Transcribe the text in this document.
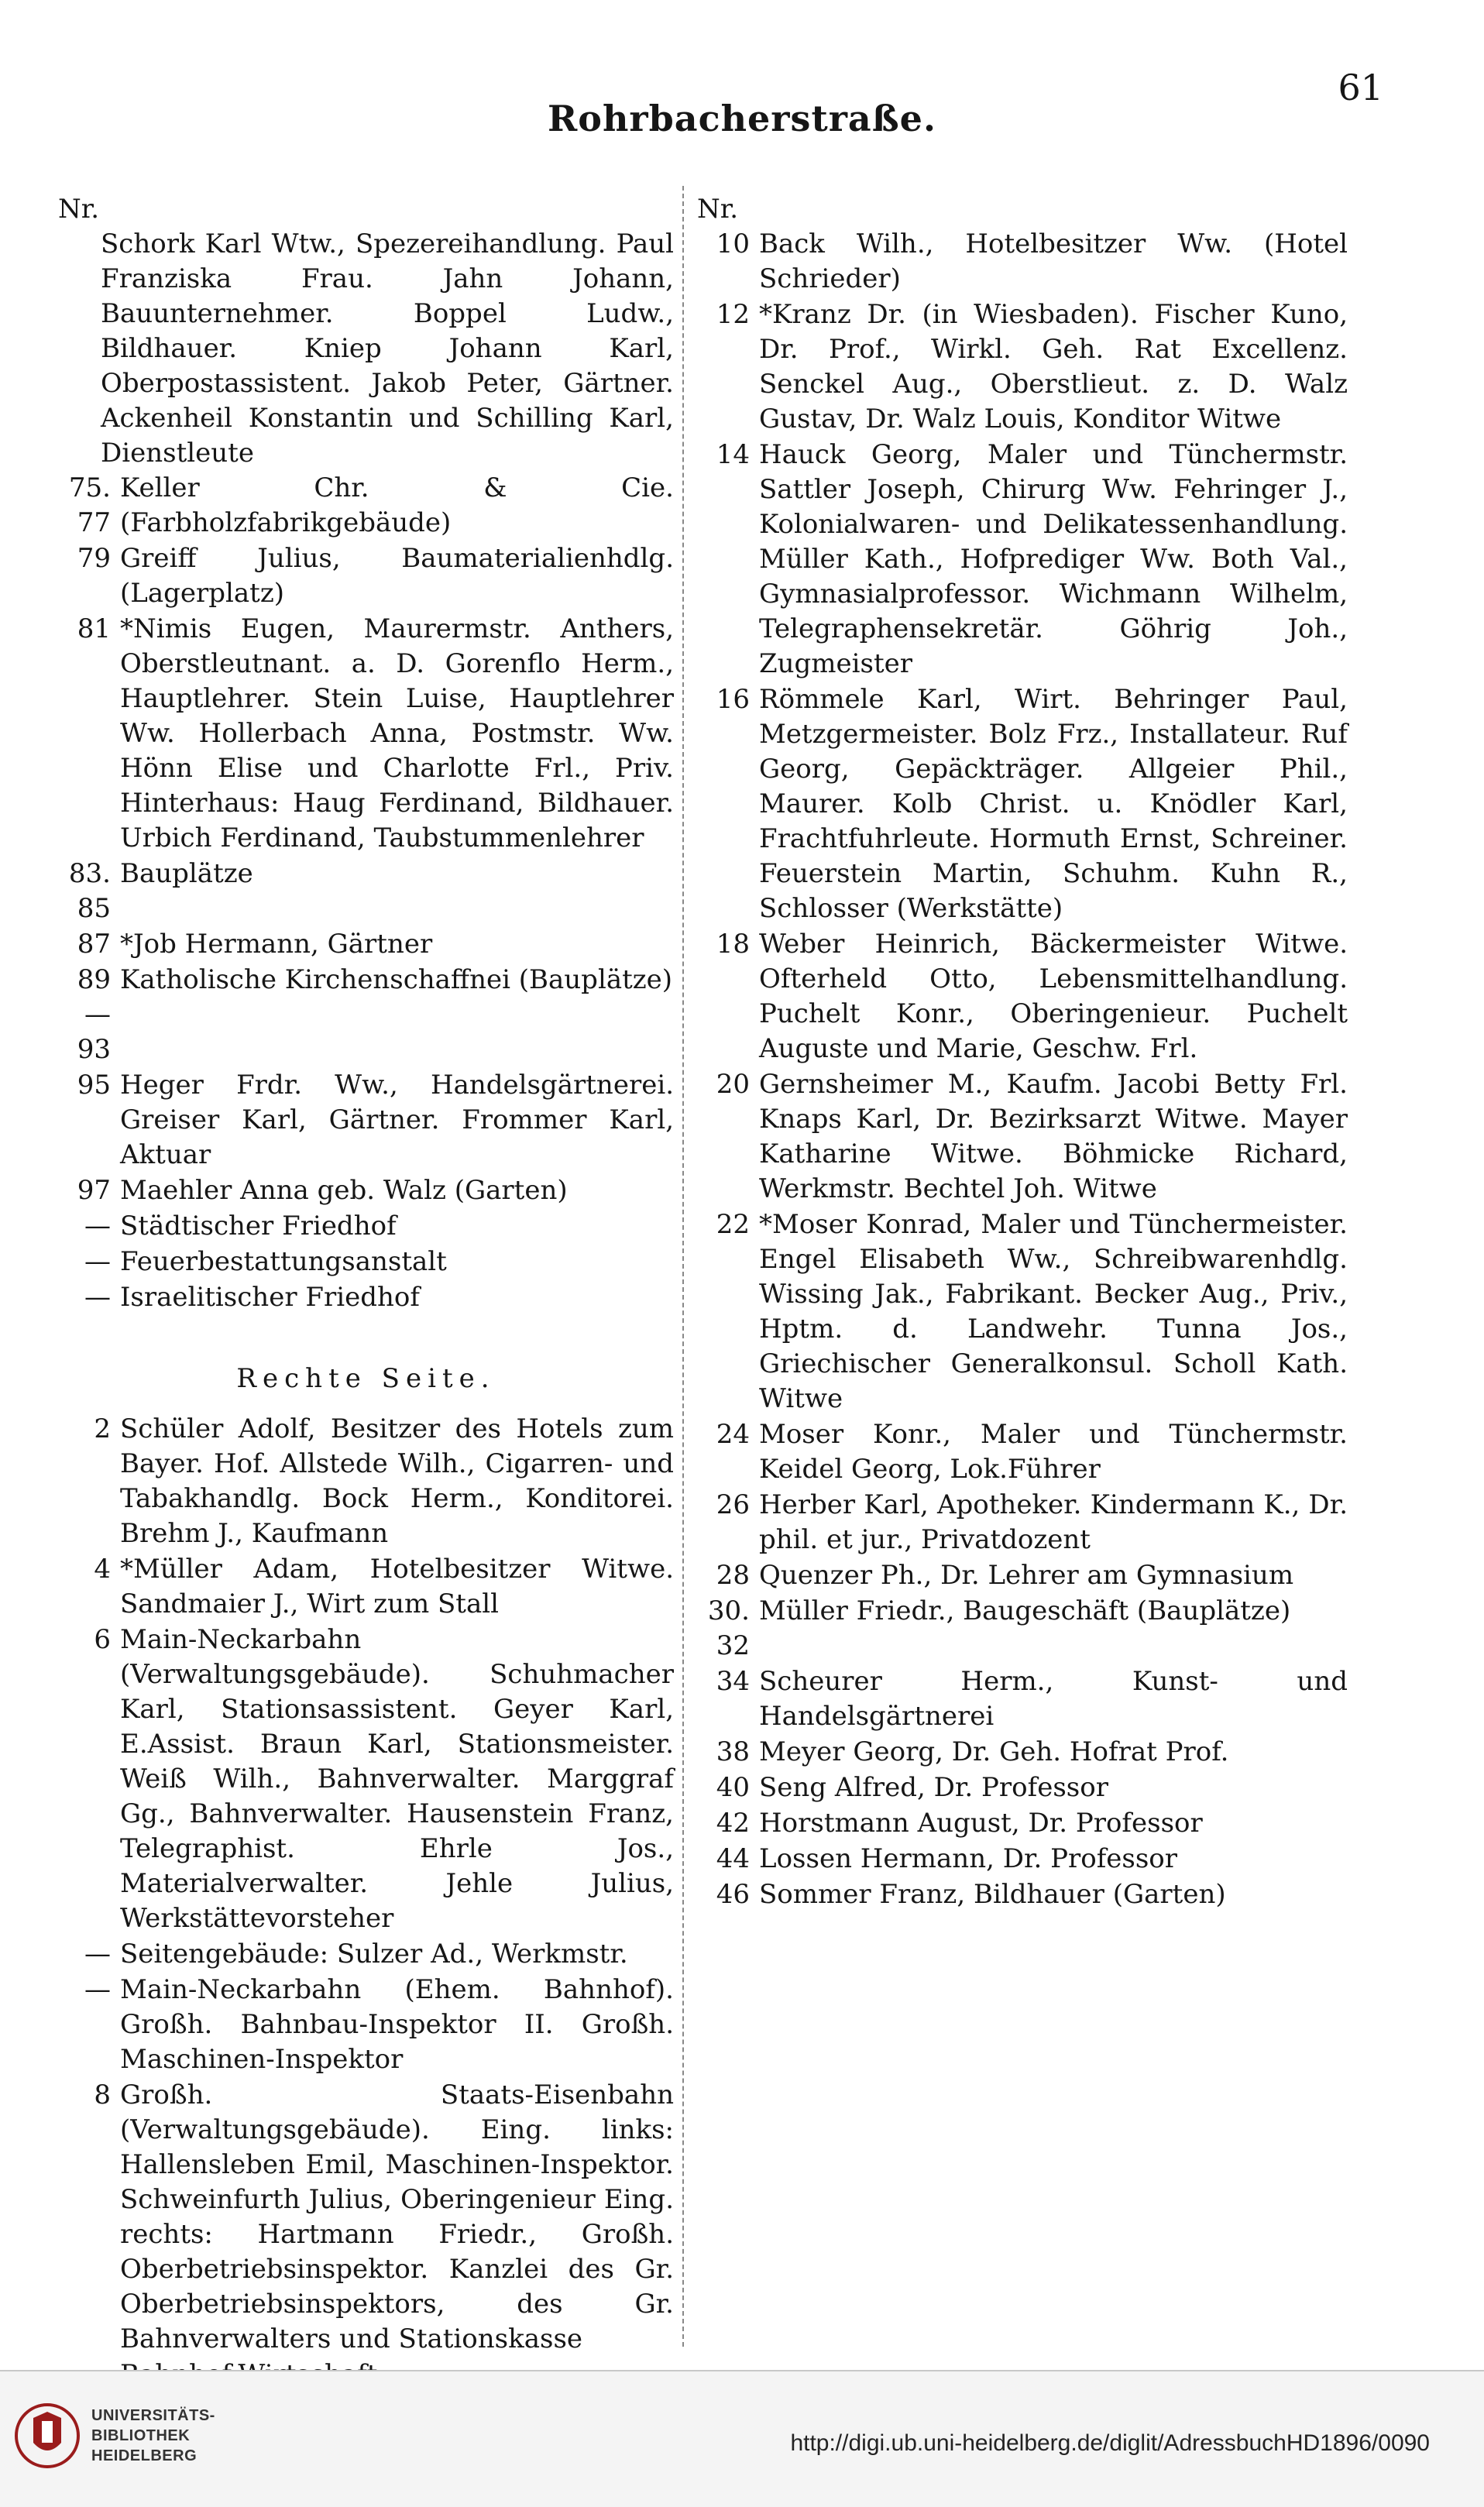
61
Rohrbacherstraße.
Nr.
Schork Karl Wtw., Spezereihandlung. Paul Franziska Frau. Jahn Johann, Bauunternehmer. Boppel Ludw., Bildhauer. Kniep Johann Karl, Oberpostassistent. Jakob Peter, Gärtner. Ackenheil Konstantin und Schilling Karl, Dienstleute
75. 77
Keller Chr. & Cie. (Farbholzfabrikgebäude)
79 Greiff Julius, Baumaterialienhdlg. (Lagerplatz)
81 *Nimis Eugen, Maurermstr. Anthers, Oberstleutnant. a. D. Gorenflo Herm., Hauptlehrer. Stein Luise, Hauptlehrer Ww. Hollerbach Anna, Postmstr. Ww. Hönn Elise und Charlotte Frl., Priv. Hinterhaus: Haug Ferdinand, Bildhauer. Urbich Ferdinand, Taubstummenlehrer
83. 85
Bauplätze
87 *Job Hermann, Gärtner
89—93
Katholische Kirchenschaffnei (Bauplätze)
95 Heger Frdr. Ww., Handelsgärtnerei. Greiser Karl, Gärtner. Frommer Karl, Aktuar
97 Maehler Anna geb. Walz (Garten)
— Städtischer Friedhof
— Feuerbestattungsanstalt
— Israelitischer Friedhof
Rechte Seite.
2 Schüler Adolf, Besitzer des Hotels zum Bayer. Hof. Allstede Wilh., Cigarren- und Tabakhandlg. Bock Herm., Konditorei. Brehm J., Kaufmann
4 *Müller Adam, Hotelbesitzer Witwe. Sandmaier J., Wirt zum Stall
6 Main-Neckarbahn (Verwaltungsgebäude). Schuhmacher Karl, Stationsassistent. Geyer Karl, E.Assist. Braun Karl, Stationsmeister. Weiß Wilh., Bahnverwalter. Marggraf Gg., Bahnverwalter. Hausenstein Franz, Telegraphist. Ehrle Jos., Materialverwalter. Jehle Julius, Werkstättevorsteher
— Seitengebäude: Sulzer Ad., Werkmstr.
— Main-Neckarbahn (Ehem. Bahnhof). Großh. Bahnbau-Inspektor II. Großh. Maschinen-Inspektor
8 Großh. Staats-Eisenbahn (Verwaltungsgebäude). Eing. links: Hallensleben Emil, Maschinen-Inspektor. Schweinfurth Julius, Oberingenieur Eing. rechts: Hartmann Friedr., Großh. Oberbetriebsinspektor. Kanzlei des Gr. Oberbetriebsinspektors, des Gr. Bahnverwalters und Stationskasse
Nr.
10 Back Wilh., Hotelbesitzer Ww. (Hotel Schrieder)
12 *Kranz Dr. (in Wiesbaden). Fischer Kuno, Dr. Prof., Wirkl. Geh. Rat Excellenz. Senckel Aug., Oberstlieut. z. D. Walz Gustav, Dr. Walz Louis, Konditor Witwe
14 Hauck Georg, Maler und Tünchermstr. Sattler Joseph, Chirurg Ww. Fehringer J., Kolonialwaren- und Delikatessenhandlung. Müller Kath., Hofprediger Ww. Both Val., Gymnasialprofessor. Wichmann Wilhelm, Telegraphensekretär. Göhrig Joh., Zugmeister
16 Römmele Karl, Wirt. Behringer Paul, Metzgermeister. Bolz Frz., Installateur. Ruf Georg, Gepäckträger. Allgeier Phil., Maurer. Kolb Christ. u. Knödler Karl, Frachtfuhrleute. Hormuth Ernst, Schreiner. Feuerstein Martin, Schuhm. Kuhn R., Schlosser (Werkstätte)
18 Weber Heinrich, Bäckermeister Witwe. Ofterheld Otto, Lebensmittelhandlung. Puchelt Konr., Oberingenieur. Puchelt Auguste und Marie, Geschw. Frl.
20 Gernsheimer M., Kaufm. Jacobi Betty Frl. Knaps Karl, Dr. Bezirksarzt Witwe. Mayer Katharine Witwe. Böhmicke Richard, Werkmstr. Bechtel Joh. Witwe
22 *Moser Konrad, Maler und Tünchermeister. Engel Elisabeth Ww., Schreibwarenhdlg. Wissing Jak., Fabrikant. Becker Aug., Priv., Hptm. d. Landwehr. Tunna Jos., Griechischer Generalkonsul. Scholl Kath. Witwe
24 Moser Konr., Maler und Tünchermstr. Keidel Georg, Lok.Führer
26 Herber Karl, Apotheker. Kindermann K., Dr. phil. et jur., Privatdozent
28 Quenzer Ph., Dr. Lehrer am Gymnasium
30. 32
Müller Friedr., Baugeschäft (Bauplätze)
34 Scheurer Herm., Kunst- und Handelsgärtnerei
38 Meyer Georg, Dr. Geh. Hofrat Prof.
40 Seng Alfred, Dr. Professor
42 Horstmann August, Dr. Professor
44 Lossen Hermann, Dr. Professor
46 Sommer Franz, Bildhauer (Garten)
UNIVERSITÄTS-
BIBLIOTHEK
HEIDELBERG	http://digi.ub.uni-heidelberg.de/diglit/AdressbuchHD1896/0090
